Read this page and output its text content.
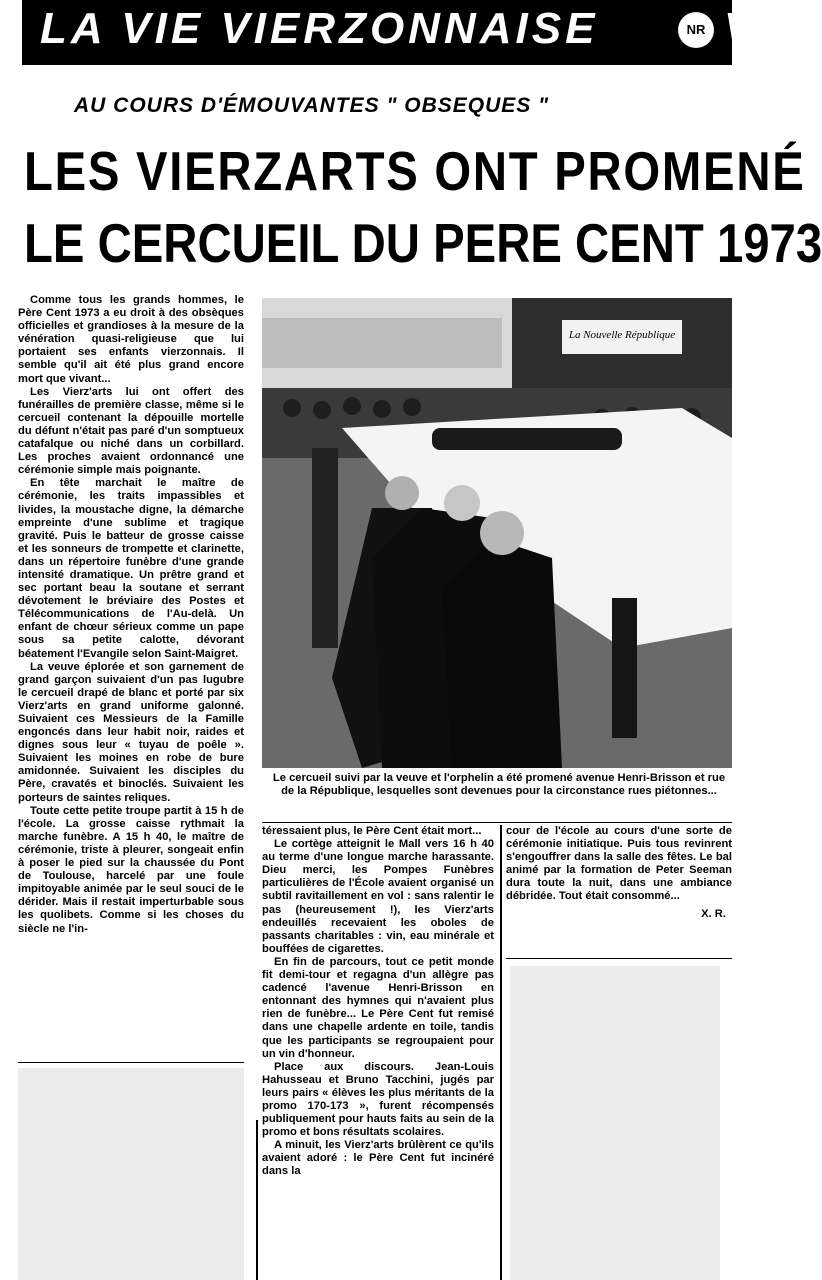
LA VIE VIERZONNAISE	NR V
AU COURS D'ÉMOUVANTES " OBSEQUES "
LES VIERZARTS ONT PROMENÉ
LE CERCUEIL DU PERE CENT 1973

Comme tous les grands hommes, le Père Cent 1973 a eu droit à des obsèques officielles et grandioses à la mesure de la vénération quasi-religieuse que lui portaient ses enfants vierzonnais. Il semble qu'il ait été plus grand encore mort que vivant...

Les Vierz'arts lui ont offert des funérailles de première classe, même si le cercueil contenant la dépouille mortelle du défunt n'était pas paré d'un somptueux catafalque ou niché dans un corbillard. Les proches avaient ordonnancé une cérémonie simple mais poignante.

En tête marchait le maître de cérémonie, les traits impassibles et livides, la moustache digne, la démarche empreinte d'une sublime et tragique gravité. Puis le batteur de grosse caisse et les sonneurs de trompette et clarinette, dans un répertoire funèbre d'une grande intensité dramatique. Un prêtre grand et sec portant beau la soutane et serrant dévotement le bréviaire des Postes et Télécommunications de l'Au-delà. Un enfant de chœur sérieux comme un pape sous sa petite calotte, dévorant béatement l'Evangile selon Saint-Maigret.

La veuve éplorée et son garnement de grand garçon suivaient d'un pas lugubre le cercueil drapé de blanc et porté par six Vierz'arts en grand uniforme galonné. Suivaient ces Messieurs de la Famille engoncés dans leur habit noir, raides et dignes sous leur « tuyau de poêle ». Suivaient les moines en robe de bure amidonnée. Suivaient les disciples du Père, cravatés et binoclés. Suivaient les porteurs de saintes reliques.

Toute cette petite troupe partit à 15 h de l'école. La grosse caisse rythmait la marche funèbre. A 15 h 40, le maître de cérémonie, triste à pleurer, songeait enfin à poser le pied sur la chaussée du Pont de Toulouse, harcelé par une foule impitoyable animée par le seul souci de le dérider. Mais il restait imperturbable sous les quolibets. Comme si les choses du siècle ne l'in-

La Nouvelle République
Le cercueil suivi par la veuve et l'orphelin a été promené avenue Henri-Brisson et rue de la République, lesquelles sont devenues pour la circonstance rues piétonnes...

téressaient plus, le Père Cent était mort...

Le cortège atteignit le Mall vers 16 h 40 au terme d'une longue marche harassante. Dieu merci, les Pompes Funèbres particulières de l'École avaient organisé un subtil ravitaillement en vol : sans ralentir le pas (heureusement !), les Vierz'arts endeuillés recevaient les oboles de passants charitables : vin, eau minérale et bouffées de cigarettes.

En fin de parcours, tout ce petit monde fit demi-tour et regagna d'un allègre pas cadencé l'avenue Henri-Brisson en entonnant des hymnes qui n'avaient plus rien de funèbre... Le Père Cent fut remisé dans une chapelle ardente en toile, tandis que les participants se regroupaient pour un vin d'honneur.

Place aux discours. Jean-Louis Hahusseau et Bruno Tacchini, jugés par leurs pairs « élèves les plus méritants de la promo 170-173 », furent récompensés publiquement pour hauts faits au sein de la promo et bons résultats scolaires.

A minuit, les Vierz'arts brûlèrent ce qu'ils avaient adoré : le Père Cent fut incinéré dans la

cour de l'école au cours d'une sorte de cérémonie initiatique. Puis tous revinrent s'engouffrer dans la salle des fêtes. Le bal animé par la formation de Peter Seeman dura toute la nuit, dans une ambiance débridée. Tout était consommé...

X. R.
